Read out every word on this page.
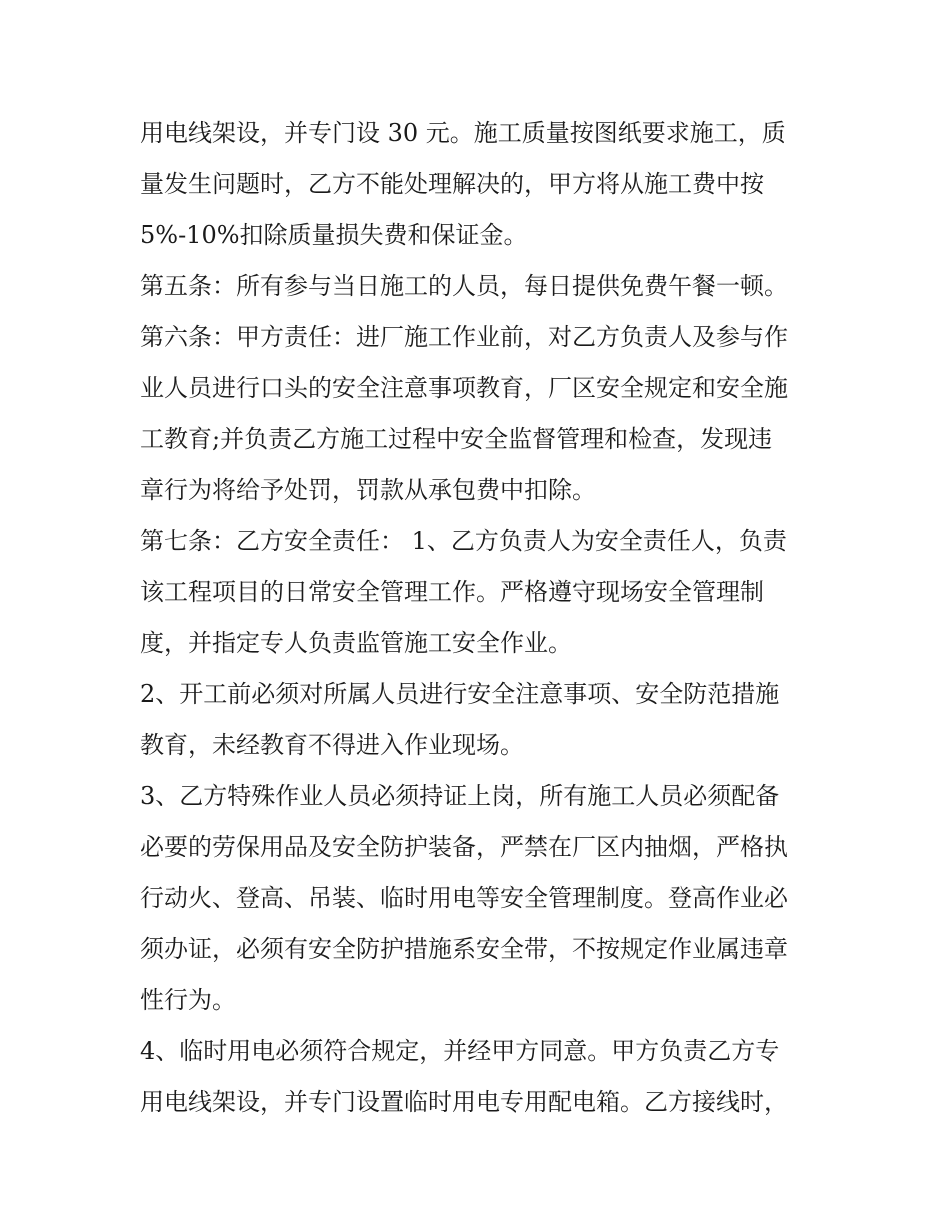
用电线架设，并专门设 30 元。施工质量按图纸要求施工，质
量发生问题时，乙方不能处理解决的，甲方将从施工费中按
5%-10%扣除质量损失费和保证金。
第五条：所有参与当日施工的人员，每日提供免费午餐一顿。
第六条：甲方责任：进厂施工作业前，对乙方负责人及参与作
业人员进行口头的安全注意事项教育，厂区安全规定和安全施
工教育;并负责乙方施工过程中安全监督管理和检查，发现违
章行为将给予处罚，罚款从承包费中扣除。
第七条：乙方安全责任： 1、乙方负责人为安全责任人，负责
该工程项目的日常安全管理工作。严格遵守现场安全管理制
度，并指定专人负责监管施工安全作业。
2、开工前必须对所属人员进行安全注意事项、安全防范措施
教育，未经教育不得进入作业现场。
3、乙方特殊作业人员必须持证上岗，所有施工人员必须配备
必要的劳保用品及安全防护装备，严禁在厂区内抽烟，严格执
行动火、登高、吊装、临时用电等安全管理制度。登高作业必
须办证，必须有安全防护措施系安全带，不按规定作业属违章
性行为。
4、临时用电必须符合规定，并经甲方同意。甲方负责乙方专
用电线架设，并专门设置临时用电专用配电箱。乙方接线时，
